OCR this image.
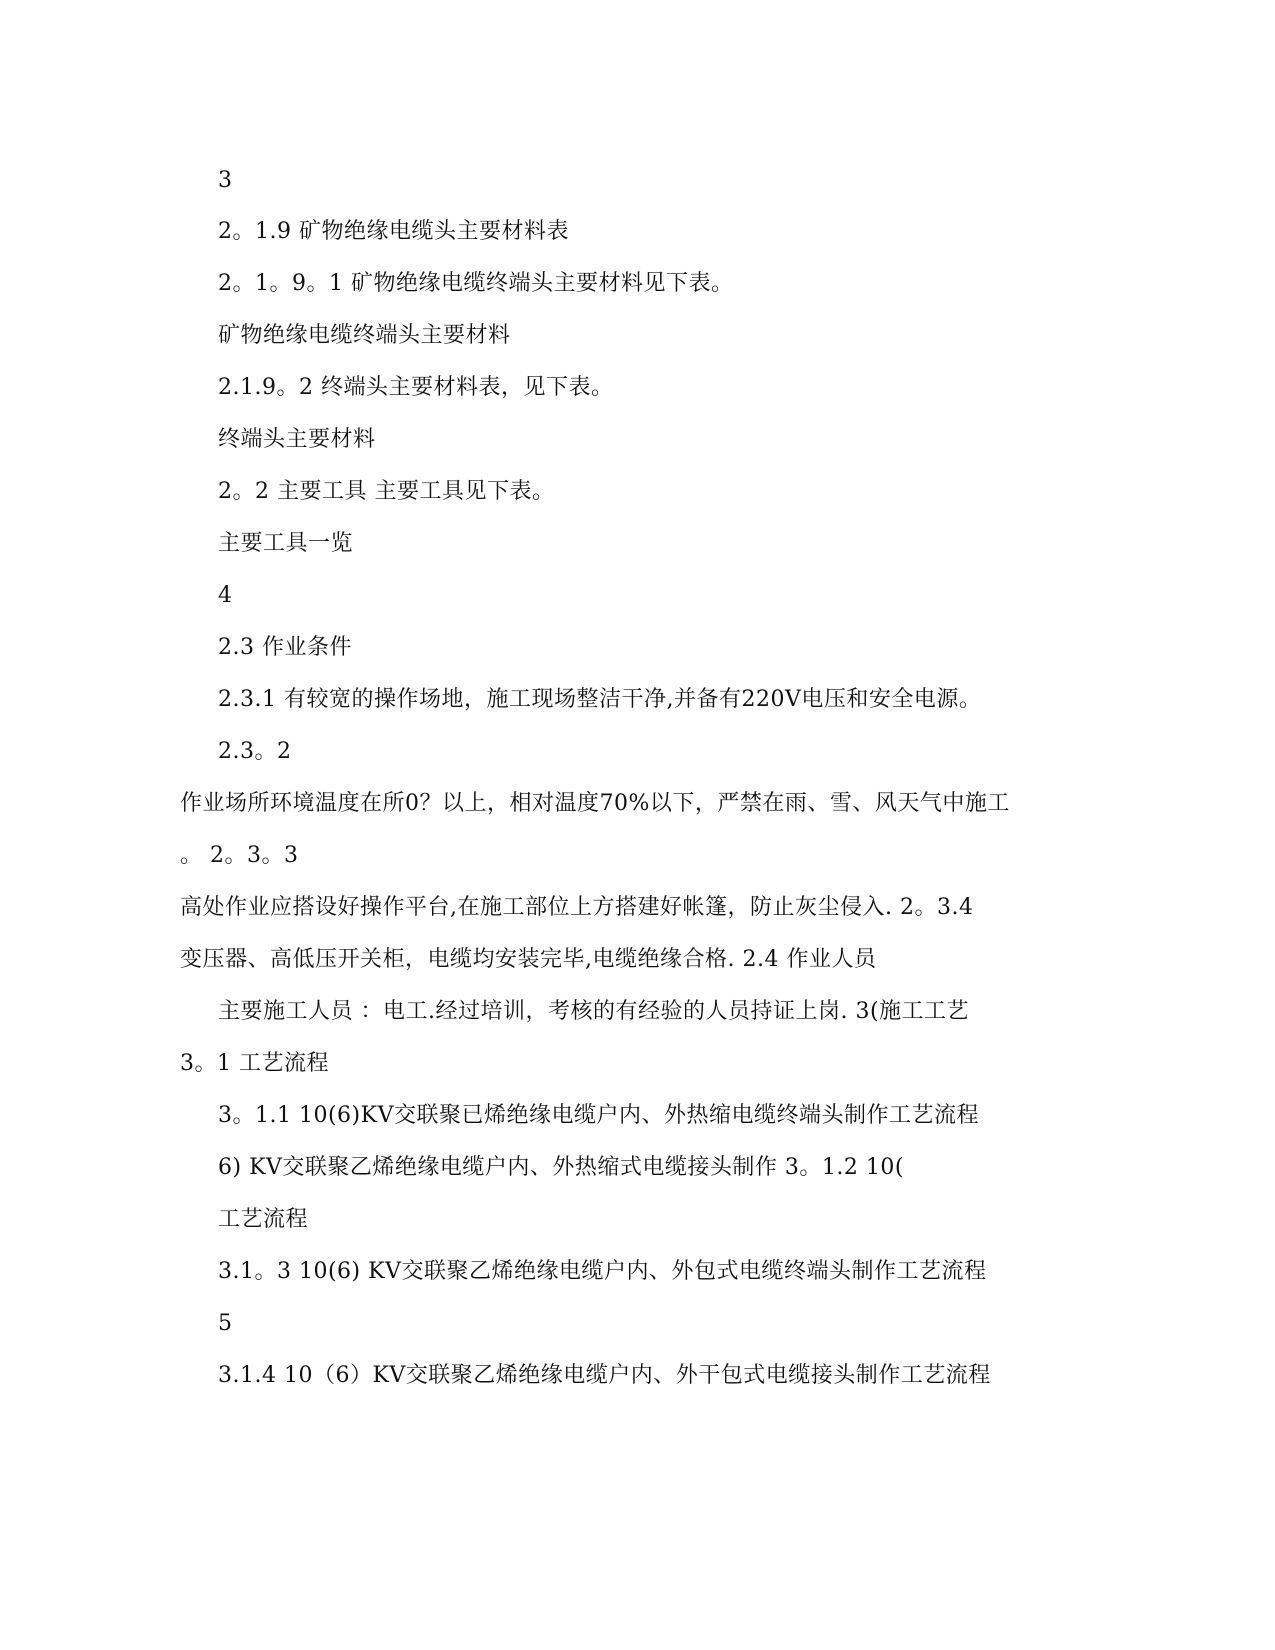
3
2。1.9 矿物绝缘电缆头主要材料表
2。1。9。1 矿物绝缘电缆终端头主要材料见下表。
矿物绝缘电缆终端头主要材料
2.1.9。2 终端头主要材料表，见下表。
终端头主要材料
2。2 主要工具 主要工具见下表。
主要工具一览
4
2.3 作业条件
2.3.1 有较宽的操作场地，施工现场整洁干净,并备有220V电压和安全电源。
2.3。2
作业场所环境温度在所0？以上，相对温度70%以下，严禁在雨、雪、风天气中施工
。 2。3。3
高处作业应搭设好操作平台,在施工部位上方搭建好帐篷，防止灰尘侵入. 2。3.4
变压器、高低压开关柜，电缆均安装完毕,电缆绝缘合格. 2.4 作业人员
主要施工人员 ：电工.经过培训，考核的有经验的人员持证上岗. 3(施工工艺
3。1 工艺流程
3。1.1 10(6)KV交联聚已烯绝缘电缆户内、外热缩电缆终端头制作工艺流程
6) KV交联聚乙烯绝缘电缆户内、外热缩式电缆接头制作 3。1.2 10(
工艺流程
3.1。3 10(6) KV交联聚乙烯绝缘电缆户内、外包式电缆终端头制作工艺流程
5
3.1.4 10（6）KV交联聚乙烯绝缘电缆户内、外干包式电缆接头制作工艺流程
